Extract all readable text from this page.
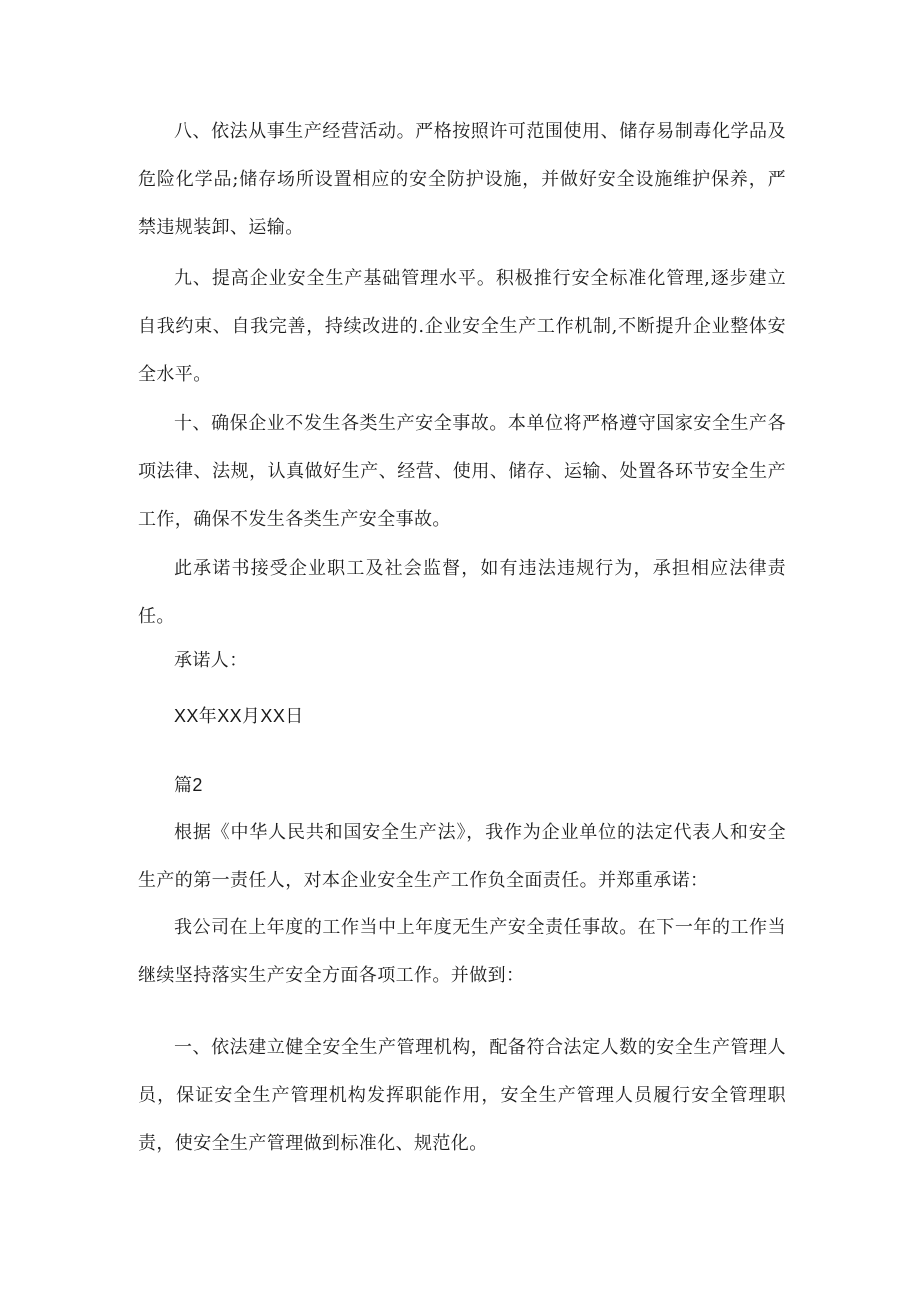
八、依法从事生产经营活动。严格按照许可范围使用、储存易制毒化学品及危险化学品;储存场所设置相应的安全防护设施，并做好安全设施维护保养，严禁违规装卸、运输。

九、提高企业安全生产基础管理水平。积极推行安全标准化管理,逐步建立自我约束、自我完善，持续改进的.企业安全生产工作机制,不断提升企业整体安全水平。

十、确保企业不发生各类生产安全事故。本单位将严格遵守国家安全生产各项法律、法规，认真做好生产、经营、使用、储存、运输、处置各环节安全生产工作，确保不发生各类生产安全事故。

此承诺书接受企业职工及社会监督，如有违法违规行为，承担相应法律责任。

承诺人：

XX年XX月XX日

篇2

根据《中华人民共和国安全生产法》，我作为企业单位的法定代表人和安全生产的第一责任人，对本企业安全生产工作负全面责任。并郑重承诺：

我公司在上年度的工作当中上年度无生产安全责任事故。在下一年的工作当继续坚持落实生产安全方面各项工作。并做到：

一、依法建立健全安全生产管理机构，配备符合法定人数的安全生产管理人员，保证安全生产管理机构发挥职能作用，安全生产管理人员履行安全管理职责，使安全生产管理做到标准化、规范化。
